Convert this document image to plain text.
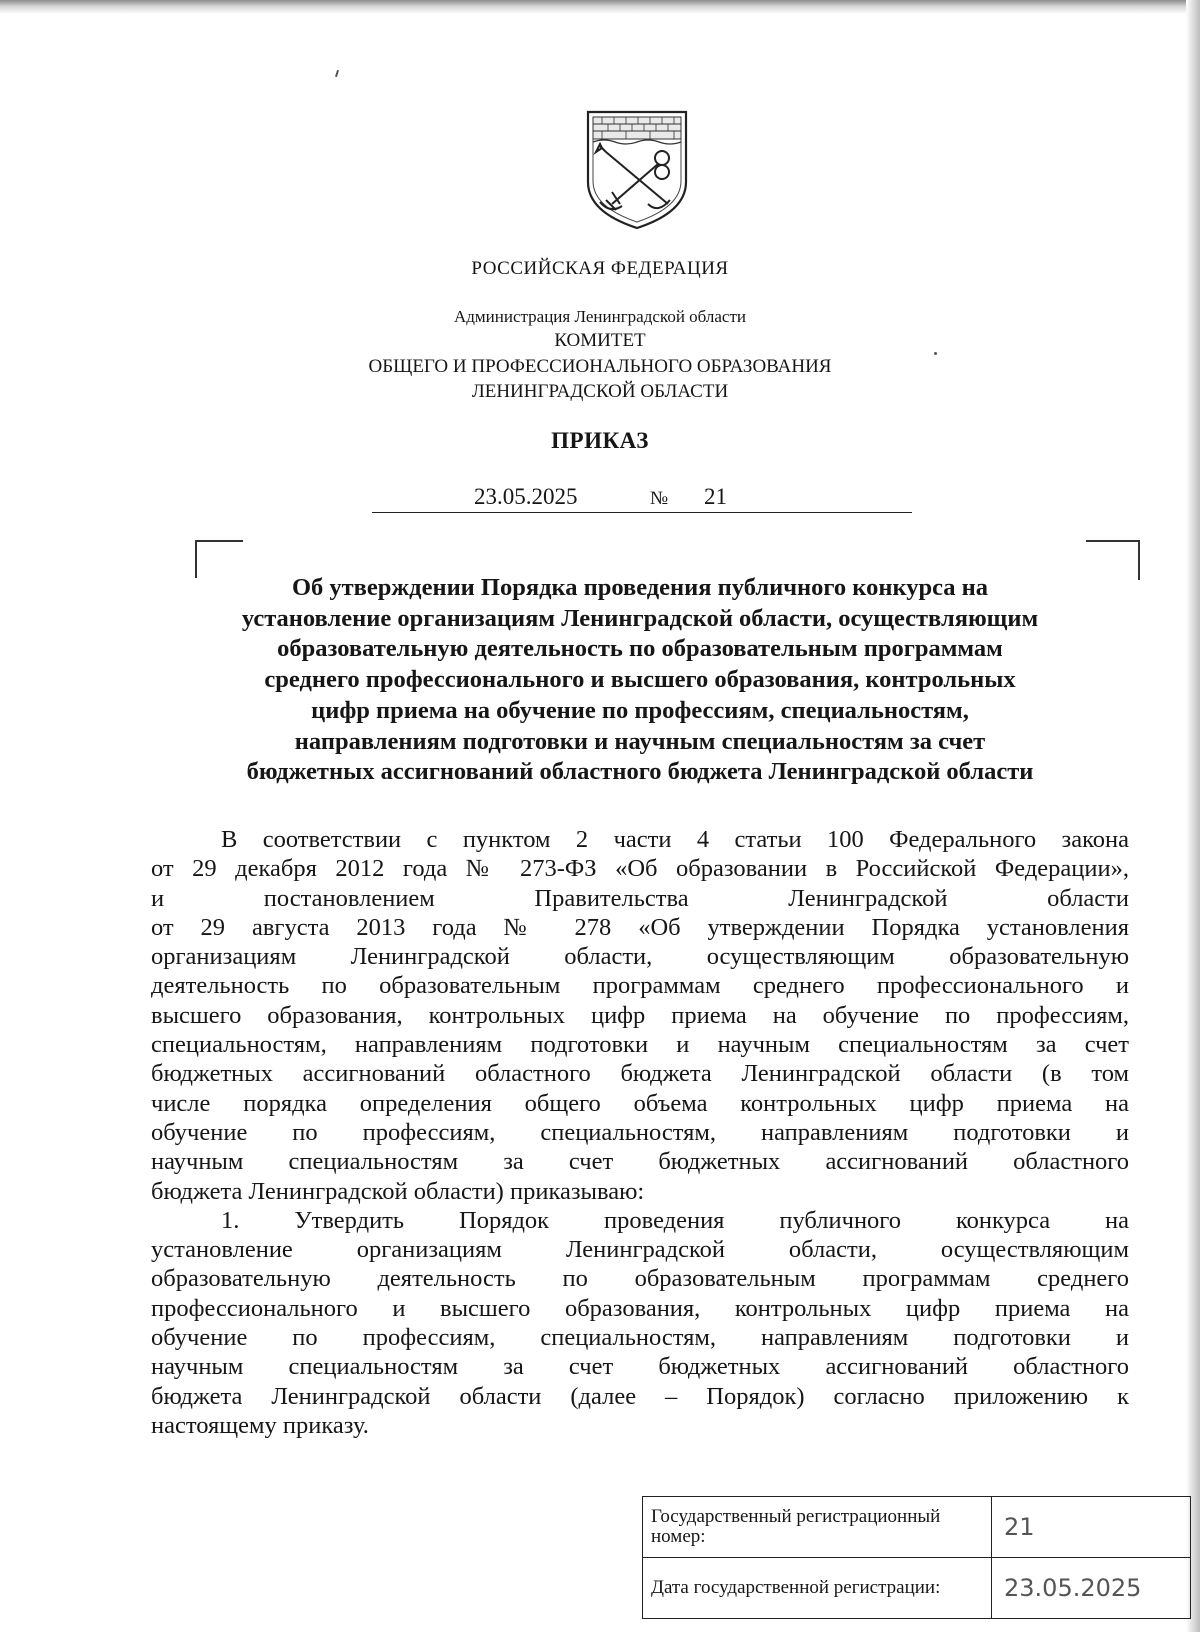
РОССИЙСКАЯ ФЕДЕРАЦИЯ
Администрация Ленинградской области
КОМИТЕТ
ОБЩЕГО И ПРОФЕССИОНАЛЬНОГО ОБРАЗОВАНИЯ
ЛЕНИНГРАДСКОЙ ОБЛАСТИ
ПРИКАЗ
23.05.2025	№ 21
Об утверждении Порядка проведения публичного конкурса на
установление организациям Ленинградской области, осуществляющим
образовательную деятельность по образовательным программам
среднего профессионального и высшего образования, контрольных
цифр приема на обучение по профессиям, специальностям,
направлениям подготовки и научным специальностям за счет
бюджетных ассигнований областного бюджета Ленинградской области
В соответствии с пунктом 2 части 4 статьи 100 Федерального закона
от 29 декабря 2012 года № 273-ФЗ «Об образовании в Российской Федерации»,
и постановлением Правительства Ленинградской области
от 29 августа 2013 года № 278 «Об утверждении Порядка установления
организациям Ленинградской области, осуществляющим образовательную
деятельность по образовательным программам среднего профессионального и
высшего образования, контрольных цифр приема на обучение по профессиям,
специальностям, направлениям подготовки и научным специальностям за счет
бюджетных ассигнований областного бюджета Ленинградской области (в том
числе порядка определения общего объема контрольных цифр приема на
обучение по профессиям, специальностям, направлениям подготовки и
научным специальностям за счет бюджетных ассигнований областного
бюджета Ленинградской области) приказываю:
1. Утвердить Порядок проведения публичного конкурса на
установление организациям Ленинградской области, осуществляющим
образовательную деятельность по образовательным программам среднего
профессионального и высшего образования, контрольных цифр приема на
обучение по профессиям, специальностям, направлениям подготовки и
научным специальностям за счет бюджетных ассигнований областного
бюджета Ленинградской области (далее – Порядок) согласно приложению к
настоящему приказу.
Государственный регистрационный номер:	21
Дата государственной регистрации:	23.05.2025
